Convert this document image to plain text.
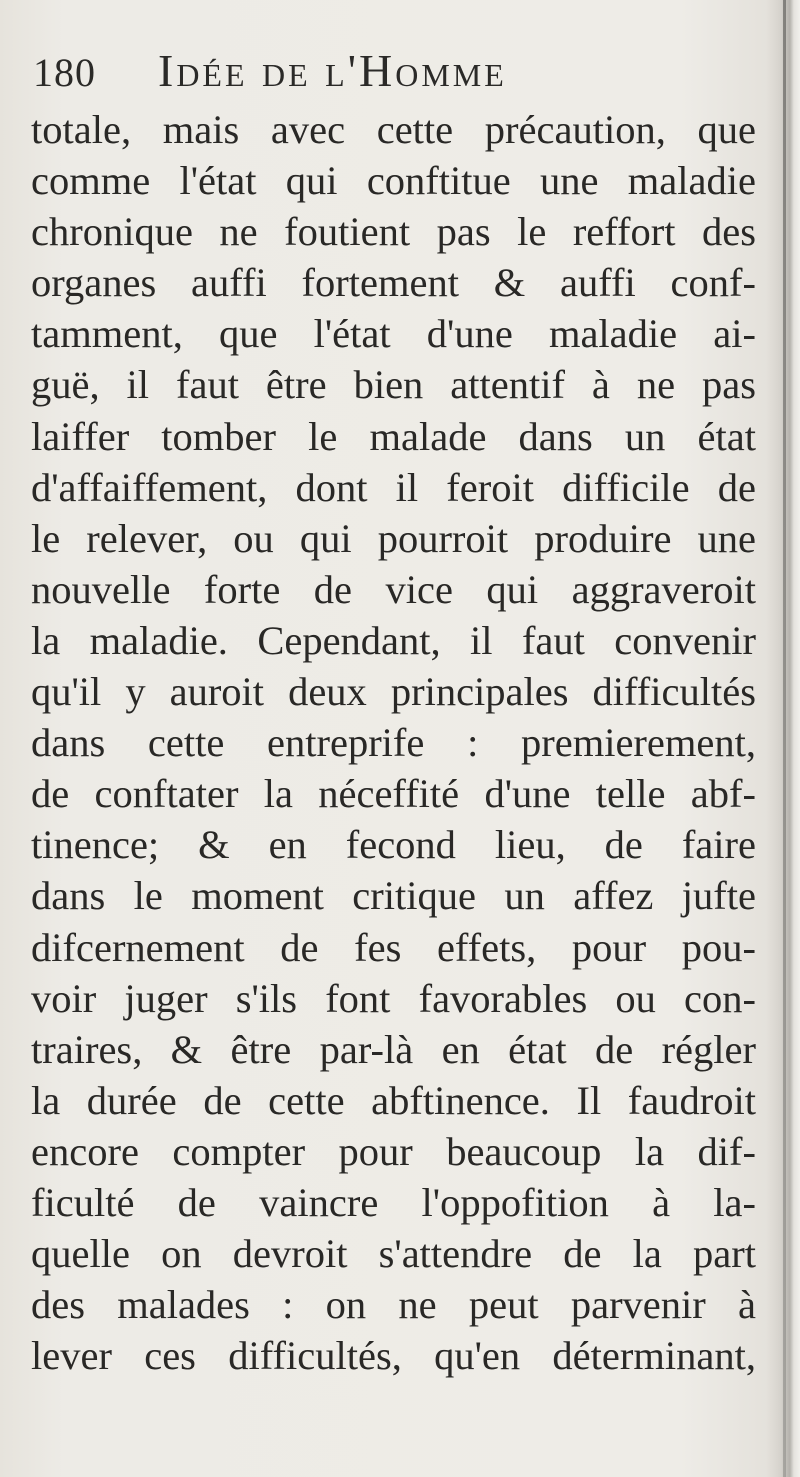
180 Idée de l'Homme
totale, mais avec cette précaution, que
comme l'état qui conftitue une maladie
chronique ne foutient pas le reffort des
organes auffi fortement & auffi conf-
tamment, que l'état d'une maladie ai-
guë, il faut être bien attentif à ne pas
laiffer tomber le malade dans un état
d'affaiffement, dont il feroit difficile de
le relever, ou qui pourroit produire une
nouvelle forte de vice qui aggraveroit
la maladie. Cependant, il faut convenir
qu'il y auroit deux principales difficultés
dans cette entreprife : premierement,
de conftater la néceffité d'une telle abf-
tinence; & en fecond lieu, de faire
dans le moment critique un affez jufte
difcernement de fes effets, pour pou-
voir juger s'ils font favorables ou con-
traires, & être par-là en état de régler
la durée de cette abftinence. Il faudroit
encore compter pour beaucoup la dif-
ficulté de vaincre l'oppofition à la-
quelle on devroit s'attendre de la part
des malades : on ne peut parvenir à
lever ces difficultés, qu'en déterminant,
